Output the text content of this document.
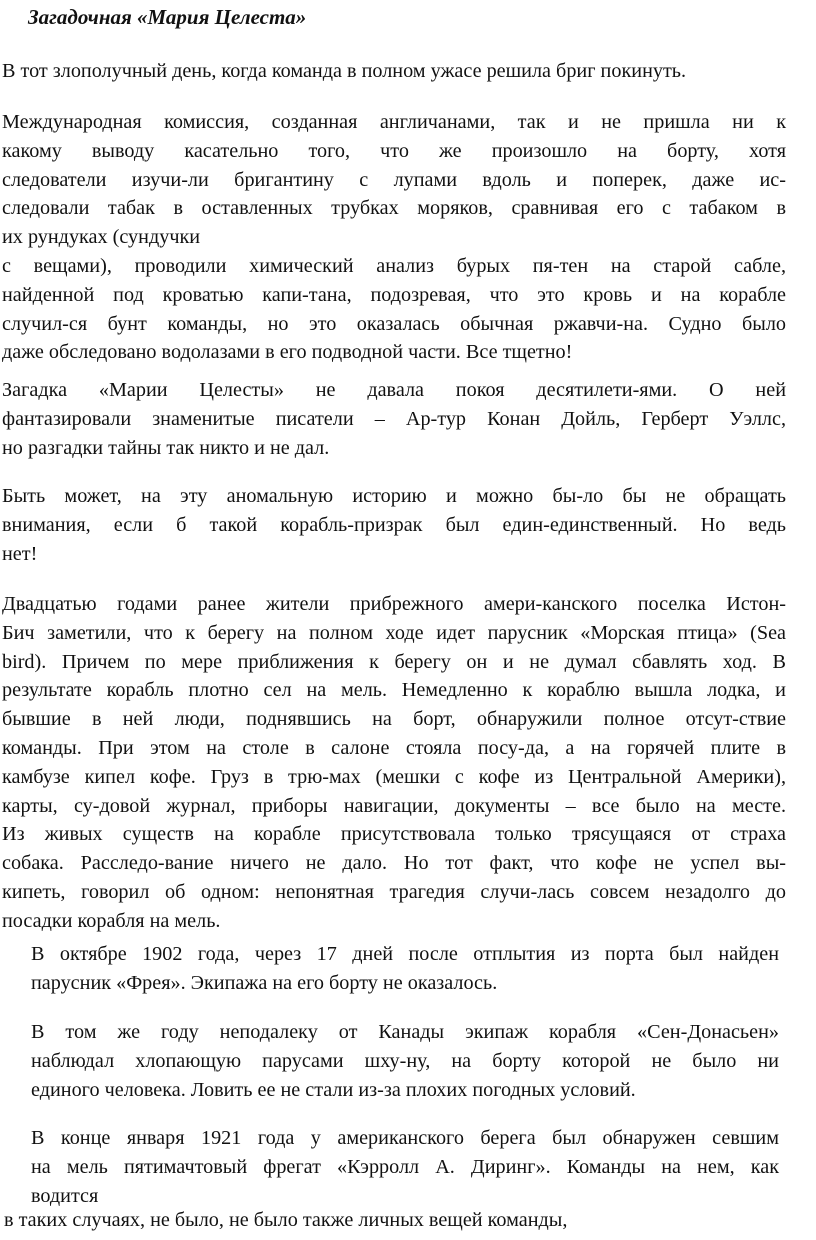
Загадочная «Мария Целеста»

В тот злополучный день, когда команда в полном ужасе решила бриг покинуть.

Международная комиссия, созданная англичанами, так и не пришла ни к
какому выводу касательно того, что же произошло на борту, хотя
следователи изучи-ли бригантину с лупами вдоль и поперек, даже ис-
следовали табак в оставленных трубках моряков, сравнивая его с табаком в
их рундуках (сундучки
с вещами), проводили химический анализ бурых пя-тен на старой сабле,
найденной под кроватью капи-тана, подозревая, что это кровь и на корабле
случил-ся бунт команды, но это оказалась обычная ржавчи-на. Судно было
даже обследовано водолазами в его подводной части. Все тщетно!

Загадка «Марии Целесты» не давала покоя десятилети-ями. О ней
фантазировали знаменитые писатели – Ар-тур Конан Дойль, Герберт Уэллс,
но разгадки тайны так никто и не дал.

Быть может, на эту аномальную историю и можно бы-ло бы не обращать
внимания, если б такой корабль-призрак был един-единственный. Но ведь
нет!

Двадцатью годами ранее жители прибрежного амери-канского поселка Истон-
Бич заметили, что к берегу на полном ходе идет парусник «Морская птица» (Sea
bird). Причем по мере приближения к берегу он и не думал сбавлять ход. В
результате корабль плотно сел на мель. Немедленно к кораблю вышла лодка, и
бывшие в ней люди, поднявшись на борт, обнаружили полное отсут-ствие
команды. При этом на столе в салоне стояла посу-да, а на горячей плите в
камбузе кипел кофе. Груз в трю-мах (мешки с кофе из Центральной Америки),
карты, су-довой журнал, приборы навигации, документы – все было на месте.
Из живых существ на корабле присутствовала только трясущаяся от страха
собака. Расследо-вание ничего не дало. Но тот факт, что кофе не успел вы-
кипеть, говорил об одном: непонятная трагедия случи-лась совсем незадолго до
посадки корабля на мель.

В октябре 1902 года, через 17 дней после отплытия из порта был найден
парусник «Фрея». Экипажа на его борту не оказалось.

В том же году неподалеку от Канады экипаж корабля «Сен-Донасьен»
наблюдал хлопающую парусами шху-ну, на борту которой не было ни
единого человека. Ловить ее не стали из-за плохих погодных условий.

В конце января 1921 года у американского берега был обнаружен севшим
на мель пятимачтовый фрегат «Кэрролл А. Диринг». Команды на нем, как
водится

в таких случаях, не было, не было также личных вещей команды,
